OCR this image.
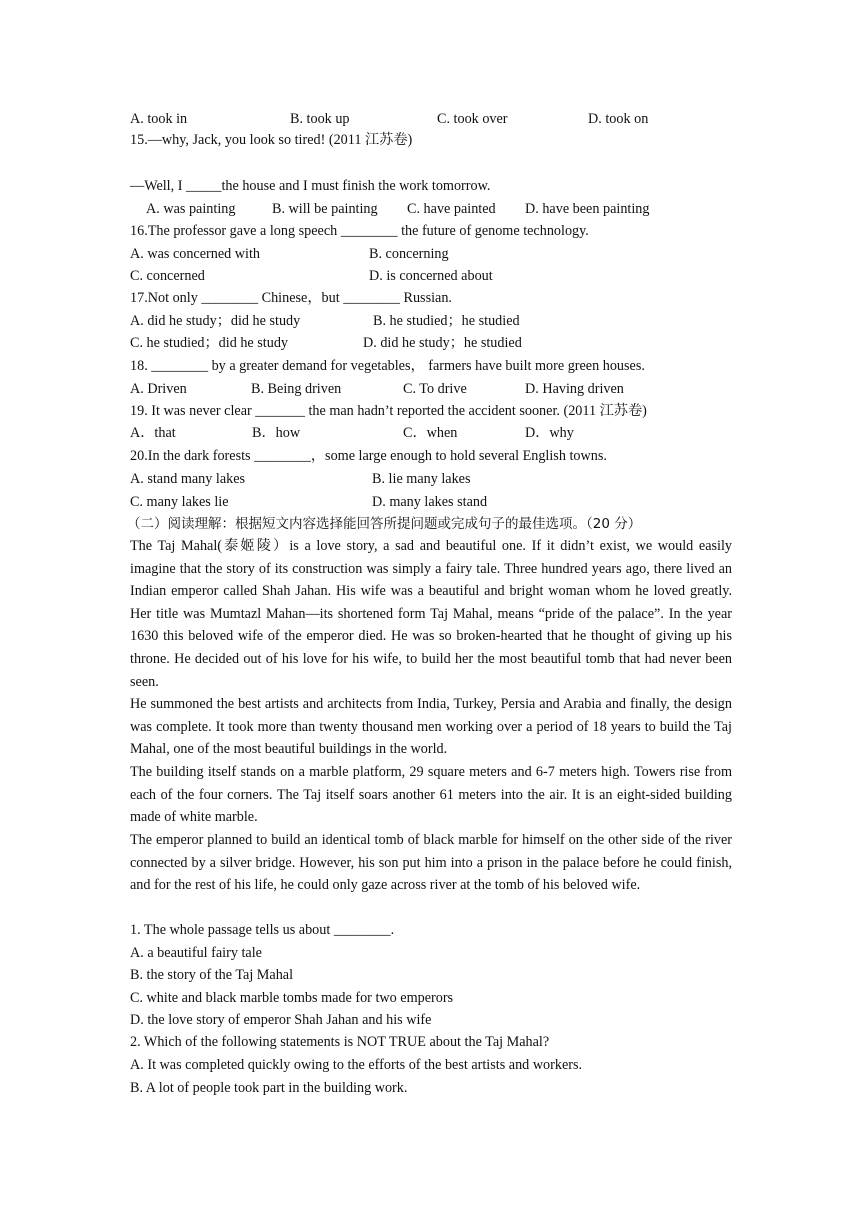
A. took in	B. took up	C. took over	D. took on
15.—why, Jack, you look so tired! (2011 江苏卷)
—Well, I _____the house and I must finish the work tomorrow.
A. was painting	B. will be painting C. have painted D. have been painting
16.The professor gave a long speech ________ the future of genome technology.
A. was concerned with	B. concerning
C. concerned	D. is concerned about
17.Not only ________ Chinese，but ________ Russian.
A. did he study；did he study	B. he studied；he studied
C. he studied；did he study	D. did he study；he studied
18. ________ by a greater demand for vegetables， farmers have built more green houses.
A. Driven	B. Being driven	C. To drive	D. Having driven
19. It was never clear _______ the man hadn’t reported the accident sooner. (2011 江苏卷)
A．that	B．how	C．when	D．why
20.In the dark forests ________，some large enough to hold several English towns.
A. stand many lakes	B. lie many lakes
C. many lakes lie	D. many lakes stand
（二）阅读理解：根据短文内容选择能回答所提问题或完成句子的最佳选项。（20 分）
The Taj Mahal(泰姬陵）is a love story, a sad and beautiful one. If it didn’t exist, we would easily imagine that the story of its construction was simply a fairy tale. Three hundred years ago, there lived an Indian emperor called Shah Jahan. His wife was a beautiful and bright woman whom he loved greatly. Her title was Mumtazl Mahan—its shortened form Taj Mahal, means “pride of the palace”. In the year 1630 this beloved wife of the emperor died. He was so broken-hearted that he thought of giving up his throne. He decided out of his love for his wife, to build her the most beautiful tomb that had never been seen.
He summoned the best artists and architects from India, Turkey, Persia and Arabia and finally, the design was complete. It took more than twenty thousand men working over a period of 18 years to build the Taj Mahal, one of the most beautiful buildings in the world.
The building itself stands on a marble platform, 29 square meters and 6-7 meters high. Towers rise from each of the four corners. The Taj itself soars another 61 meters into the air. It is an eight-sided building made of white marble.
The emperor planned to build an identical tomb of black marble for himself on the other side of the river connected by a silver bridge. However, his son put him into a prison in the palace before he could finish, and for the rest of his life, he could only gaze across river at the tomb of his beloved wife.
1. The whole passage tells us about ________.
A. a beautiful fairy tale
B. the story of the Taj Mahal
C. white and black marble tombs made for two emperors
D. the love story of emperor Shah Jahan and his wife
2. Which of the following statements is NOT TRUE about the Taj Mahal?
A. It was completed quickly owing to the efforts of the best artists and workers.
B. A lot of people took part in the building work.
